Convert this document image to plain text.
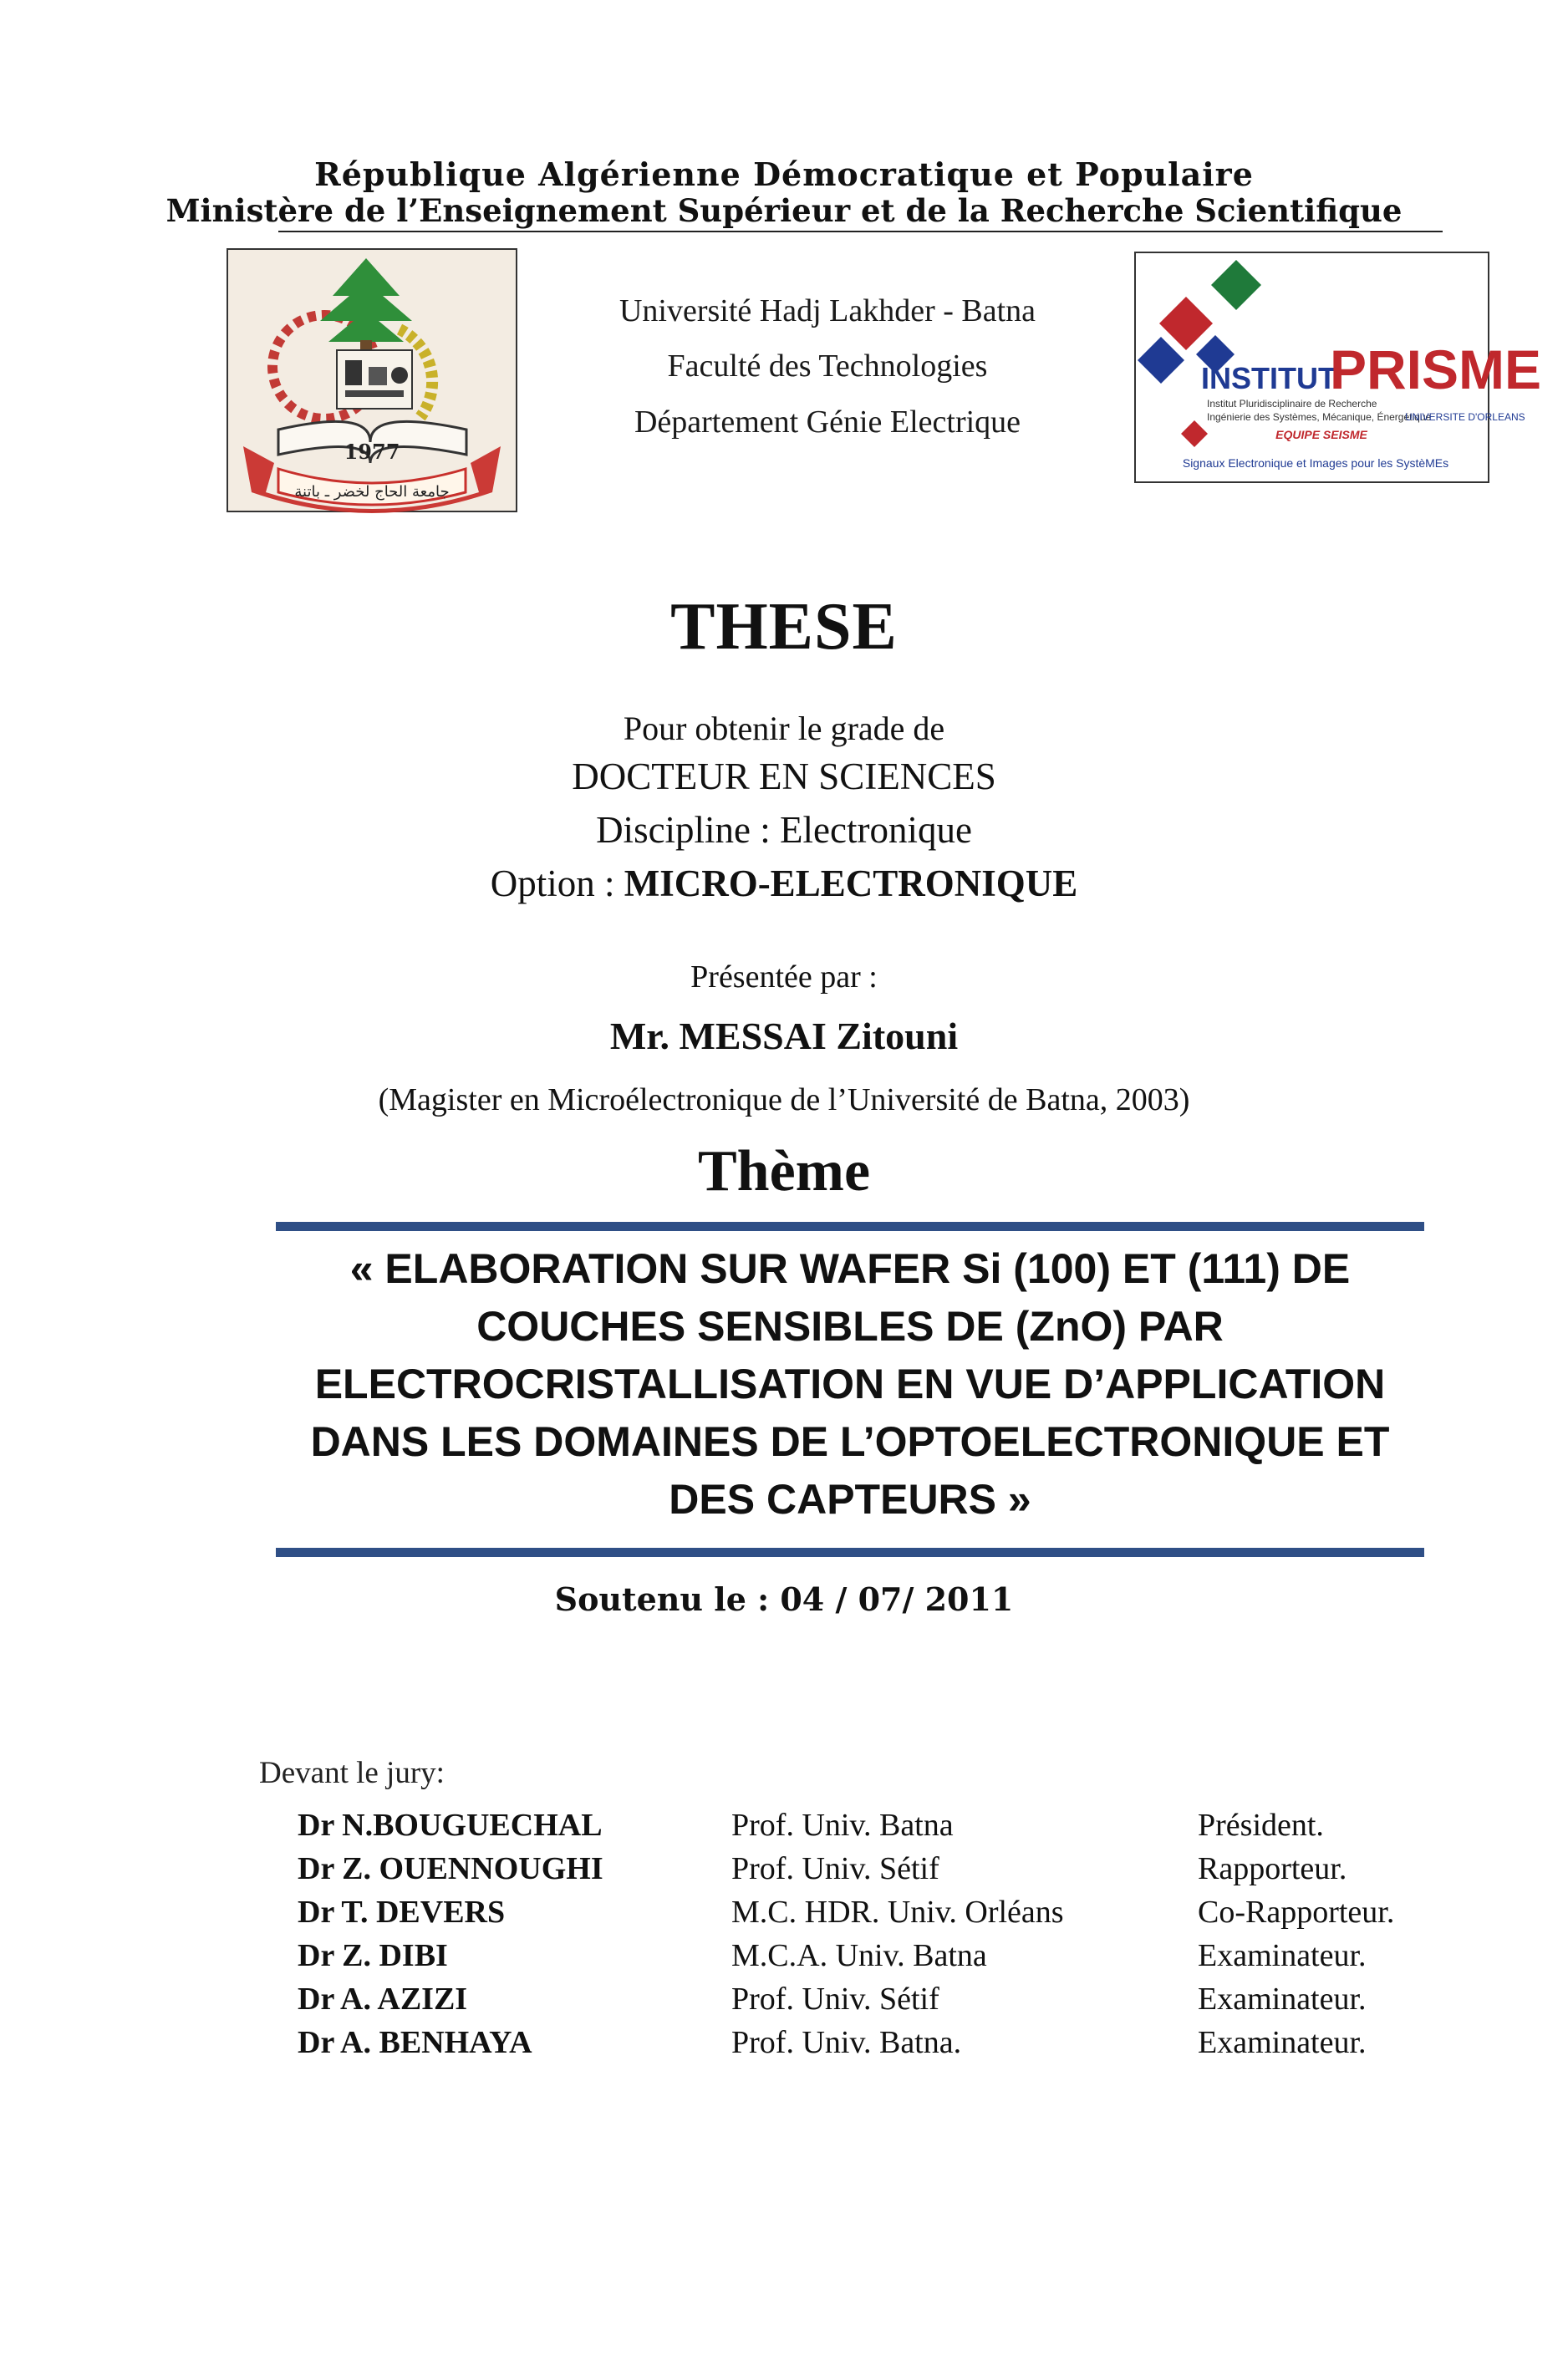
République Algérienne Démocratique et Populaire
Ministère de l’Enseignement Supérieur et de la Recherche Scientifique
1977
جامعة الحاج لخضر ـ باتنة
INSTITUT
PRISME
Institut Pluridisciplinaire de Recherche
Ingénierie des Systèmes, Mécanique, Énergétique
UNIVERSITE D'ORLEANS
EQUIPE SEISME
Signaux Electronique et Images pour les SystèMEs
Université Hadj Lakhder - Batna
Faculté des Technologies
Département Génie Electrique
THESE
Pour obtenir le grade de
DOCTEUR EN SCIENCES
Discipline : Electronique
Option : MICRO-ELECTRONIQUE
Présentée par :
Mr. MESSAI Zitouni
(Magister en Microélectronique de l’Université de Batna, 2003)
Thème
« ELABORATION SUR WAFER Si (100) ET (111) DE
COUCHES SENSIBLES DE (ZnO) PAR
ELECTROCRISTALLISATION EN VUE D’APPLICATION
DANS LES DOMAINES DE L’OPTOELECTRONIQUE ET
DES CAPTEURS »
Soutenu le : 04 / 07/ 2011
Devant le jury:
Dr N.BOUGUECHAL	Prof. Univ. Batna	Président.
Dr Z. OUENNOUGHI	Prof. Univ. Sétif	Rapporteur.
Dr T. DEVERS	M.C. HDR. Univ. Orléans	Co-Rapporteur.
Dr Z. DIBI	M.C.A. Univ. Batna	Examinateur.
Dr A. AZIZI	Prof. Univ. Sétif	Examinateur.
Dr A. BENHAYA	Prof. Univ. Batna.	Examinateur.
